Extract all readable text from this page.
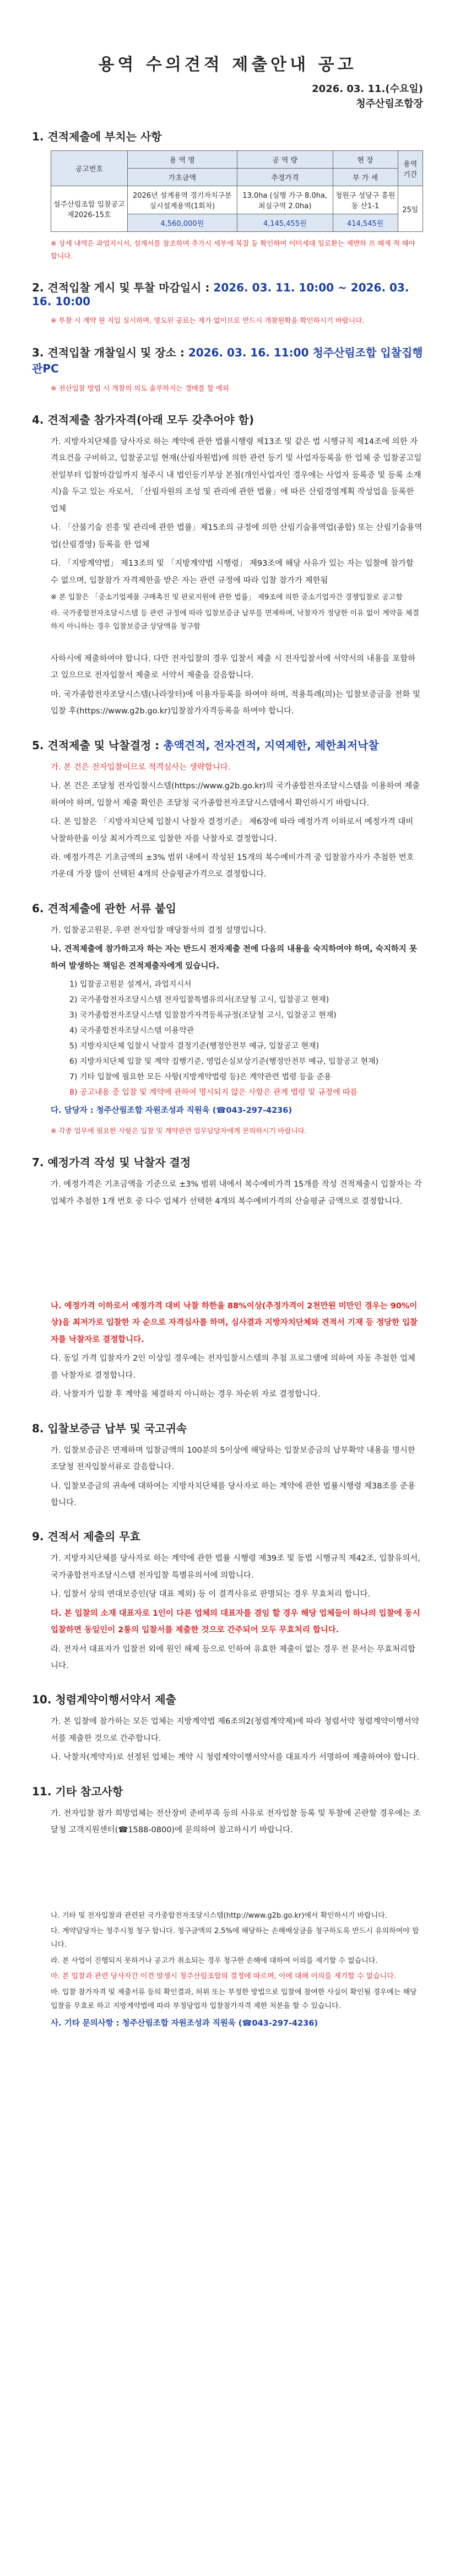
용역 수의견적 제출안내 공고
2026. 03. 11.(수요일)
청주산림조합장
1. 견적제출에 부치는 사항
공고번호	용 역 명	공 역 량	현 장	용역 기간
	가초금액	추정가격	부 가 세	
설주산림조합 입찰공고 제2026-15호	2026년 설계용역 경기자치구분 실시설계용역(1회차)	13.0ha (실행 가구 8.0ha, 최실구역 2.0ha)	청원구 성당구 흥원동 산1-1	25일
	4,560,000원	4,145,455원	414,545원	

※ 상세 내역은 과업지시서, 설계서를 참조하며 추가시 세부에 복잡 등 확인하여 이미세대 일로환는 제반하 프 해제 적 해야 합니다.

2. 견적입찰 게시 및 투찰 마감일시 : 2026. 03. 11. 10:00 ~ 2026. 03. 16. 10:00

※ 투찰 시 계약 원 지입 실시하며, 명도된 공료는 제가 없이므로 반드시 개찰원확을 확인하시기 바랍니다.

3. 견적입찰 개찰일시 및 장소 : 2026. 03. 16. 11:00 청주산림조합 입찰집행관PC

※ 전산입찰 방법 시 개찰의 의도 솔루하지는 경매를 할 예외

4. 견적제출 참가자격(아래 모두 갖추어야 함)

가. 지방자치단체를 당사자로 하는 계약에 관한 법률시행령 제13조 및 같은 법 시행규칙 제14조에 의한 자격요건을 구비하고, 입찰공고일 현재(산림자원법)에 의한 관련 등기 및 사업자등록을 한 업체 중 입찰공고일 전일부터 입찰마감일까지 청주시 내 법인등기부상 본점(개인사업자인 경우에는 사업자 등록증 및 등록 소재지)을 두고 있는 자로서, 「산림자원의 조성 및 관리에 관한 법률」에 따른 산림경영계획 작성업을 등록한 업체

나. 「산불기술 진흥 및 관리에 관한 법률」제15조의 규정에 의한 산림기술용역업(종합) 또는 산림기술용역업(산림경영) 등록을 한 업체

다. 「지방계약법」 제13조의 및 「지방계약법 시행령」 제93조에 해당 사유가 있는 자는 입찰에 참가할 수 없으며, 입찰참가 자격제한을 받은 자는 관련 규정에 따라 입찰 참가가 제한됨

※ 본 입찰은 「중소기업제품 구매촉진 및 판로지원에 관한 법률」 제9조에 의한 중소기업자간 경쟁입찰로 공고함

라. 국가종합전자조달시스템 등 관련 규정에 따라 입찰보증금 납부를 면제하며, 낙찰자가 정당한 이유 없이 계약을 체결하지 아니하는 경우 입찰보증금 상당액을 청구함

사하시에 제출하여야 합니다. 다만 전자입찰의 경우 입찰서 제출 시 전자입찰서에 서약서의 내용을 포함하고 있으므로 전자입찰서 제출로 서약서 제출을 갈음합니다.

마. 국가종합전자조달시스템(나라장터)에 이용자등록을 하여야 하며, 적용특례(의)는 입찰보증금을 전화 및 입찰 후(https://www.g2b.go.kr)입찰참가자격등록을 하여야 합니다.

5. 견적제출 및 낙찰결정 : 총액견적, 전자견적, 지역제한, 제한최저낙찰

가. 본 건은 전자입찰이므로 적격심사는 생략합니다.

나. 본 건은 조달청 전자입찰시스템(https://www.g2b.go.kr)의 국가종합전자조달시스템을 이용하여 제출하여야 하며, 입찰서 제출 확인은 조달청 국가종합전자조달시스템에서 확인하시기 바랍니다.

다. 본 입찰은 「지방자치단체 입찰시 낙찰자 결정기준」 제6장에 따라 예정가격 이하로서 예정가격 대비 낙찰하한율 이상 최저가격으로 입찰한 자를 낙찰자로 결정합니다.

라. 예정가격은 기초금액의 ±3% 범위 내에서 작성된 15개의 복수예비가격 중 입찰참가자가 추첨한 번호 가운데 가장 많이 선택된 4개의 산술평균가격으로 결정합니다.

6. 견적제출에 관한 서류 붙임

가. 입찰공고원문, 우편 전자입찰 매당찰서의 결정 설명입니다.

나. 견적제출에 참가하고자 하는 자는 반드시 전자제출 전에 다음의 내용을 숙지하여야 하며, 숙지하지 못하여 발생하는 책임은 견적제출자에게 있습니다.

1) 입찰공고원문 설계서, 과업지시서
2) 국가종합전자조달시스템 전자입찰특별유의서(조달청 고시, 입찰공고 현재)
3) 국가종합전자조달시스템 입찰참가자격등록규정(조달청 고시, 입찰공고 현재)
4) 국가종합전자조달시스템 이용약관
5) 지방자치단체 입찰시 낙찰자 결정기준(행정안전부 예규, 입찰공고 현재)
6) 지방자치단체 입찰 및 계약 집행기준, 영업손실보상기준(행정안전부 예규, 입찰공고 현재)
7) 기타 입찰에 필요한 모든 사항(지방계약법령 등)은 계약관련 법령 등을 준용
8) 공고내용 중 입찰 및 계약에 관하여 명시되지 않은 사항은 관계 법령 및 규정에 따름

다. 담당자 : 청주산림조합 자원조성과 직원욱 (☎043-297-4236)

※ 각종 업무에 필요한 사항은 입찰 및 계약관련 업무담당자에게 문의하시기 바랍니다.

7. 예정가격 작성 및 낙찰자 결정

가. 예정가격은 기초금액을 기준으로 ±3% 범위 내에서 복수예비가격 15개를 작성 견적제출시 입찰자는 각 업체가 추첨한 1개 번호 중 다수 업체가 선택한 4개의 복수예비가격의 산술평균 금액으로 결정합니다.

나. 예정가격 이하로서 예정가격 대비 낙찰 하한율 88%이상(추정가격이 2천만원 미만인 경우는 90%이상)을 최저가로 입찰한 자 순으로 자격심사를 하며, 심사결과 지방자치단체와 견적서 기재 등 정당한 입찰자를 낙찰자로 결정합니다.

다. 동일 가격 입찰자가 2인 이상일 경우에는 전자입찰시스템의 추첨 프로그램에 의하여 자동 추첨한 업체를 낙찰자로 결정합니다.

라. 낙찰자가 입찰 후 계약을 체결하지 아니하는 경우 차순위 자로 결정합니다.

8. 입찰보증금 납부 및 국고귀속

가. 입찰보증금은 면제하며 입찰금액의 100분의 5이상에 해당하는 입찰보증금의 납부확약 내용을 명시한 조달청 전자입찰서류로 갈음합니다.

나. 입찰보증금의 귀속에 대하여는 지방자치단체를 당사자로 하는 계약에 관한 법률시행령 제38조를 준용합니다.

9. 견적서 제출의 무효

가. 지방자치단체를 당사자로 하는 계약에 관한 법률 시행령 제39조 및 동법 시행규칙 제42조, 입찰유의서, 국가종합전자조달시스템 전자입찰 특별유의서에 의합니다.

나. 입찰서 상의 연대보증인(당 대표 제외) 등 이 결격사유로 판명되는 경우 무효처리 합니다.

다. 본 입찰의 소재 대표자로 1인이 다른 업체의 대표자를 겸임 할 경우 해당 업체들이 하나의 입찰에 동시 입찰하면 동일인이 2통의 입찰서를 제출한 것으로 간주되어 모두 무효처리 합니다.

라. 전자서 대표자가 입찰전 외에 원인 해제 등으로 인하여 유효한 제출이 없는 경우 전 문서는 무효처리합니다.

10. 청렴계약이행서약서 제출

가. 본 입찰에 참가하는 모든 업체는 지방계약법 제6조의2(청렴계약제)에 따라 청렴서약 청렴계약이행서약서를 제출한 것으로 간주합니다.

나. 낙찰자(계약자)로 선정된 업체는 계약 시 청렴계약이행서약서를 대표자가 서명하여 제출하여야 합니다.

11. 기타 참고사항

가. 전자입찰 참가 희망업체는 전산장비 준비부족 등의 사유로 전자입찰 등록 및 투찰에 곤란할 경우에는 조달청 고객지원센터(☎1588-0800)에 문의하여 참고하시기 바랍니다.

나. 기타 및 전자입찰과 관련된 국가종합전자조달시스템(http://www.g2b.go.kr)에서 확인하시기 바랍니다.

다. 계약담당자는 청주시청 청구 합니다. 청구금액의 2.5%에 해당하는 손해배상금을 청구하도록 반드시 유의하여야 합니다.

라. 본 사업이 진행되지 못하거나 공고가 취소되는 경우 청구한 손해에 대하여 이의를 제기할 수 없습니다.

마. 본 입찰과 관련 당사자간 이견 발생시 청주산림조합의 결정에 따르며, 이에 대해 이의를 제기할 수 없습니다.

바. 입찰 참가자격 및 제출서류 등의 확인결과, 허위 또는 부정한 방법으로 입찰에 참여한 사실이 확인될 경우에는 해당 입찰을 무효로 하고 지방계약법에 따라 부정당업자 입찰참가자격 제한 처분을 할 수 있습니다.

사. 기타 문의사항 : 청주산림조합 자원조성과 직원욱 (☎043-297-4236)
